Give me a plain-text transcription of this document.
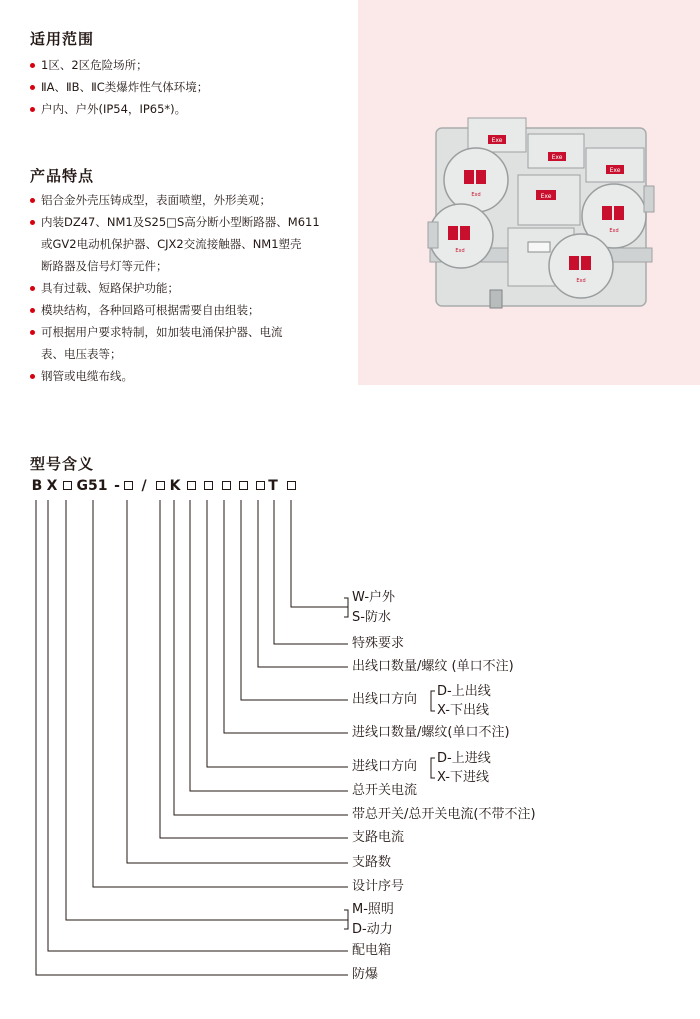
适用范围
1区、2区危险场所；
ⅡA、ⅡB、ⅡC类爆炸性气体环境；
户内、户外(IP54，IP65*)。
产品特点
铝合金外壳压铸成型，表面喷塑，外形美观；
内装DZ47、NM1及S25□S高分断小型断路器、M611
或GV2电动机保护器、CJX2交流接触器、NM1塑壳
断路器及信号灯等元件；
具有过载、短路保护功能；
模块结构，各种回路可根据需要自由组装；
可根据用户要求特制，如加装电涌保护器、电流
表、电压表等；
钢管或电缆布线。
Exe
Exe
Exe
Exe
Exd
Exd
Exd
Exd
型号含义
B X G51 -	/	K	T
W-户外
S-防水
特殊要求
出线口数量/螺纹 (单口不注)
出线口方向
D-上出线
X-下出线
进线口数量/螺纹(单口不注)
进线口方向
D-上进线
X-下进线
总开关电流
带总开关/总开关电流(不带不注)
支路电流
支路数
设计序号
M-照明
D-动力
配电箱
防爆
